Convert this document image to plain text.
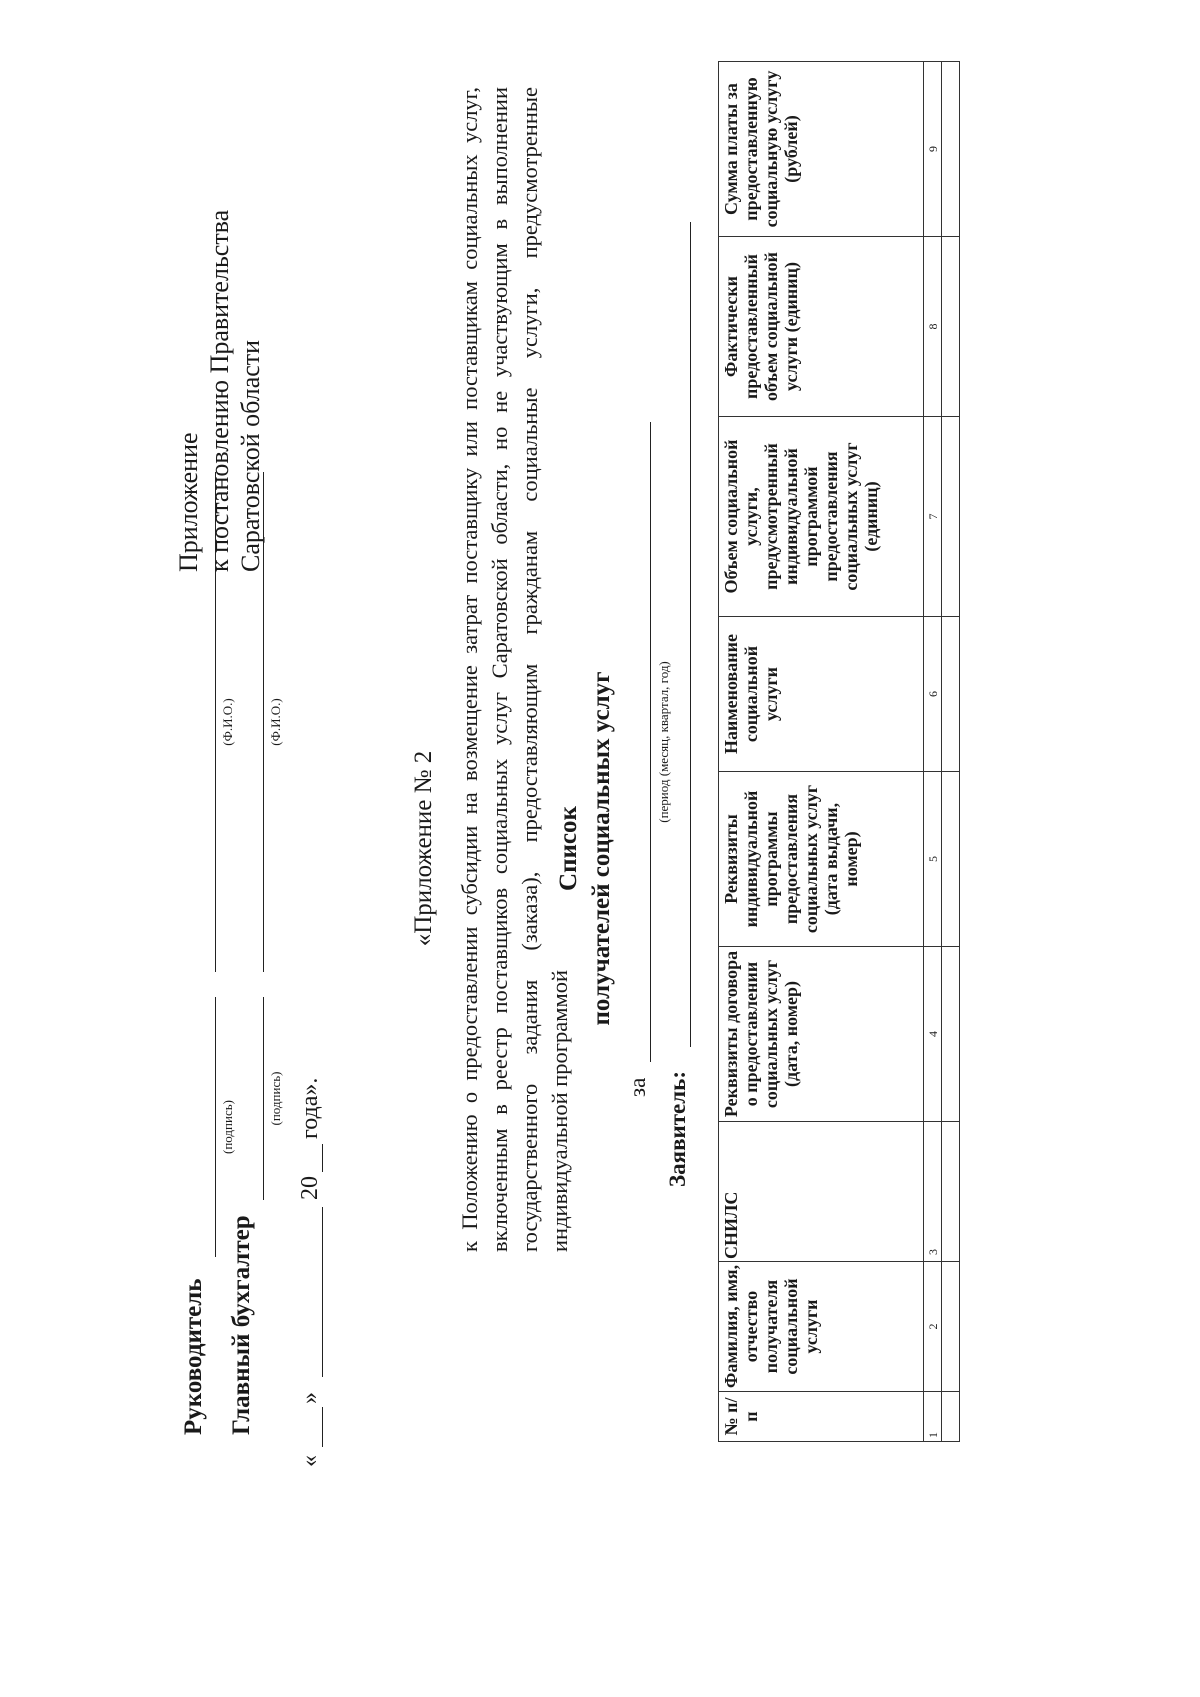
Приложение к постановлению Правительства Саратовской области
«Приложение № 2 к Положению о предоставлении субсидии на возмещение затрат поставщику или поставщикам социальных услуг, включенным в реестр поставщиков социальных услуг Саратовской области, но не участвующим в выполнении государственного задания (заказа), предоставляющим гражданам социальные услуги, предусмотренные индивидуальной программой
Список получателей социальных услуг
за
(период (месяц, квартал, год)
Заявитель:
№ п/п	Фамилия, имя, отчество получателя социальной услуги	СНИЛС	Реквизиты договора о предоставлении социальных услуг (дата, номер)	Реквизиты индивидуальной программы предоставления социальных услуг (дата выдачи, номер)	Наименование социальной услуги	Объем социальной услуги, предусмотренный индивидуальной программой предоставления социальных услуг (единиц)	Фактически предоставленный объем социальной услуги (единиц)	Сумма платы за предоставленную социальную услугу (рублей)
1	2	3	4	5	6	7	8	9

Руководитель
(подпись)
(Ф.И.О.)
Главный бухгалтер
(подпись)
(Ф.И.О.)
«
»
20
года».
